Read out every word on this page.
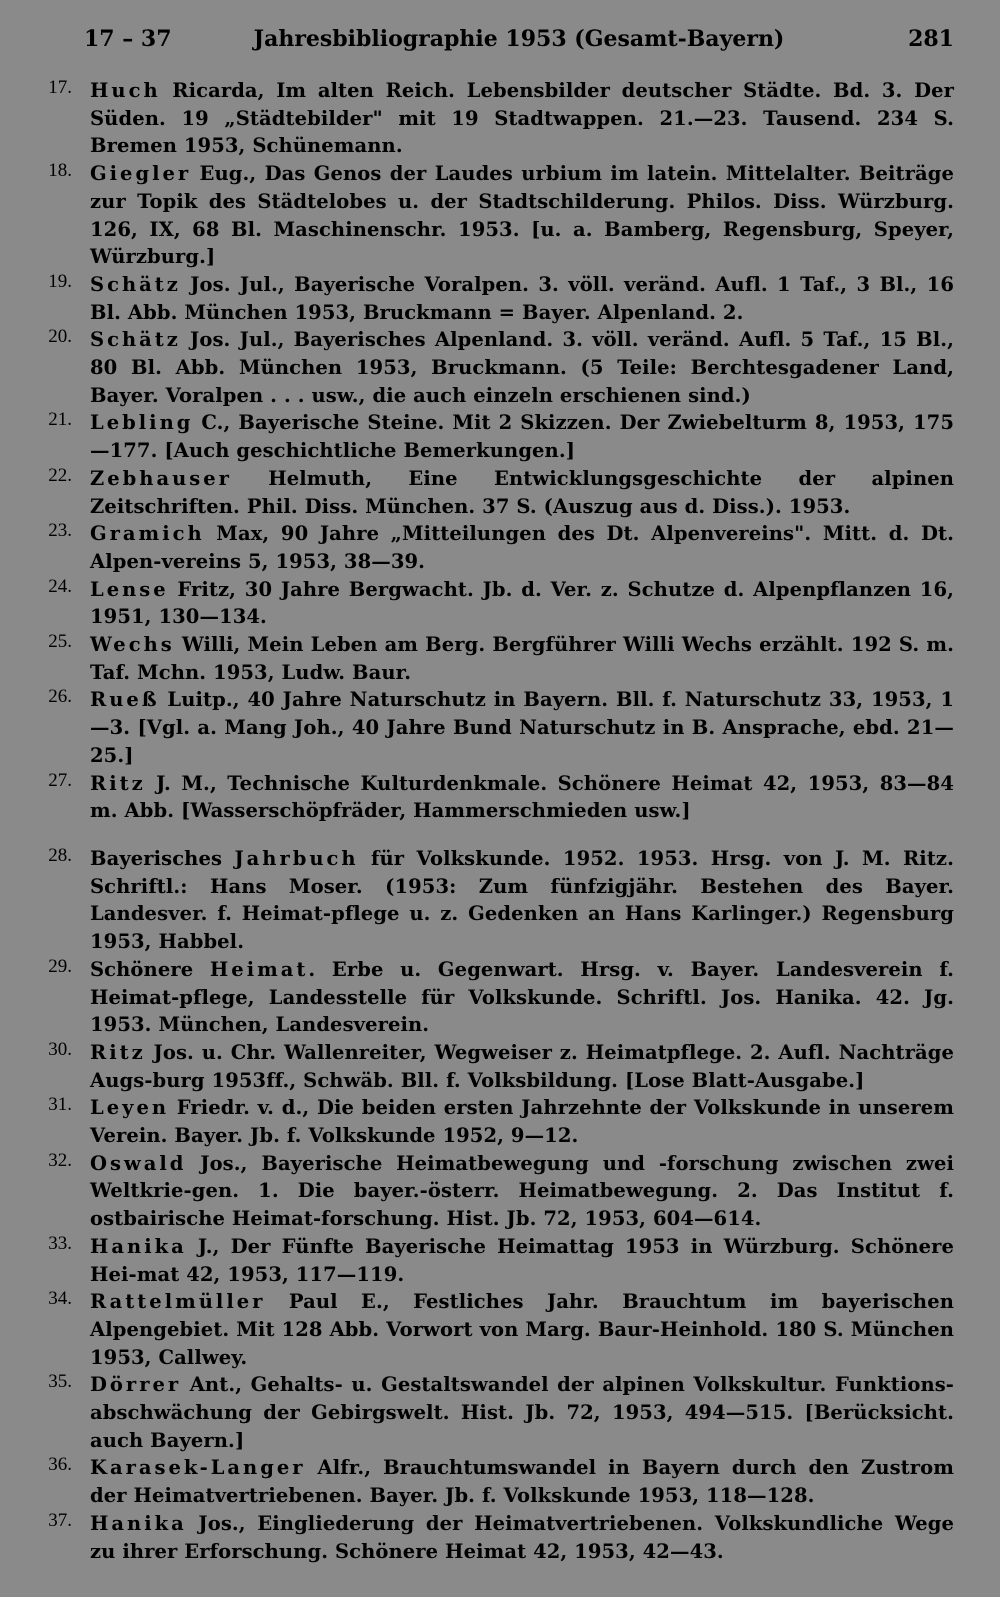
17 – 37	Jahresbibliographie 1953 (Gesamt-Bayern)	281
17. Huch Ricarda, Im alten Reich. Lebensbilder deutscher Städte. Bd. 3. Der Süden. 19 „Städtebilder" mit 19 Stadtwappen. 21.—23. Tausend. 234 S. Bremen 1953, Schünemann.
18. Giegler Eug., Das Genos der Laudes urbium im latein. Mittelalter. Beiträge zur Topik des Städtelobes u. der Stadtschilderung. Philos. Diss. Würzburg. 126, IX, 68 Bl. Maschinenschr. 1953. [u. a. Bamberg, Regensburg, Speyer, Würzburg.]
19. Schätz Jos. Jul., Bayerische Voralpen. 3. völl. veränd. Aufl. 1 Taf., 3 Bl., 16 Bl. Abb. München 1953, Bruckmann = Bayer. Alpenland. 2.
20. Schätz Jos. Jul., Bayerisches Alpenland. 3. völl. veränd. Aufl. 5 Taf., 15 Bl., 80 Bl. Abb. München 1953, Bruckmann. (5 Teile: Berchtesgadener Land, Bayer. Voralpen . . . usw., die auch einzeln erschienen sind.)
21. Lebling C., Bayerische Steine. Mit 2 Skizzen. Der Zwiebelturm 8, 1953, 175—177. [Auch geschichtliche Bemerkungen.]
22. Zebhauser Helmuth, Eine Entwicklungsgeschichte der alpinen Zeitschriften. Phil. Diss. München. 37 S. (Auszug aus d. Diss.). 1953.
23. Gramich Max, 90 Jahre „Mitteilungen des Dt. Alpenvereins". Mitt. d. Dt. Alpen-vereins 5, 1953, 38—39.
24. Lense Fritz, 30 Jahre Bergwacht. Jb. d. Ver. z. Schutze d. Alpenpflanzen 16, 1951, 130—134.
25. Wechs Willi, Mein Leben am Berg. Bergführer Willi Wechs erzählt. 192 S. m. Taf. Mchn. 1953, Ludw. Baur.
26. Rueß Luitp., 40 Jahre Naturschutz in Bayern. Bll. f. Naturschutz 33, 1953, 1—3. [Vgl. a. Mang Joh., 40 Jahre Bund Naturschutz in B. Ansprache, ebd. 21—25.]
27. Ritz J. M., Technische Kulturdenkmale. Schönere Heimat 42, 1953, 83—84 m. Abb. [Wasserschöpfräder, Hammerschmieden usw.]
28. Bayerisches Jahrbuch für Volkskunde. 1952. 1953. Hrsg. von J. M. Ritz. Schriftl.: Hans Moser. (1953: Zum fünfzigjähr. Bestehen des Bayer. Landesver. f. Heimat-pflege u. z. Gedenken an Hans Karlinger.) Regensburg 1953, Habbel.
29. Schönere Heimat. Erbe u. Gegenwart. Hrsg. v. Bayer. Landesverein f. Heimat-pflege, Landesstelle für Volkskunde. Schriftl. Jos. Hanika. 42. Jg. 1953. München, Landesverein.
30. Ritz Jos. u. Chr. Wallenreiter, Wegweiser z. Heimatpflege. 2. Aufl. Nachträge Augs-burg 1953ff., Schwäb. Bll. f. Volksbildung. [Lose Blatt-Ausgabe.]
31. Leyen Friedr. v. d., Die beiden ersten Jahrzehnte der Volkskunde in unserem Verein. Bayer. Jb. f. Volkskunde 1952, 9—12.
32. Oswald Jos., Bayerische Heimatbewegung und -forschung zwischen zwei Weltkrie-gen. 1. Die bayer.-österr. Heimatbewegung. 2. Das Institut f. ostbairische Heimat-forschung. Hist. Jb. 72, 1953, 604—614.
33. Hanika J., Der Fünfte Bayerische Heimattag 1953 in Würzburg. Schönere Hei-mat 42, 1953, 117—119.
34. Rattelmüller Paul E., Festliches Jahr. Brauchtum im bayerischen Alpengebiet. Mit 128 Abb. Vorwort von Marg. Baur-Heinhold. 180 S. München 1953, Callwey.
35. Dörrer Ant., Gehalts- u. Gestaltswandel der alpinen Volkskultur. Funktions-abschwächung der Gebirgswelt. Hist. Jb. 72, 1953, 494—515. [Berücksicht. auch Bayern.]
36. Karasek-Langer Alfr., Brauchtumswandel in Bayern durch den Zustrom der Heimatvertriebenen. Bayer. Jb. f. Volkskunde 1953, 118—128.
37. Hanika Jos., Eingliederung der Heimatvertriebenen. Volkskundliche Wege zu ihrer Erforschung. Schönere Heimat 42, 1953, 42—43.
